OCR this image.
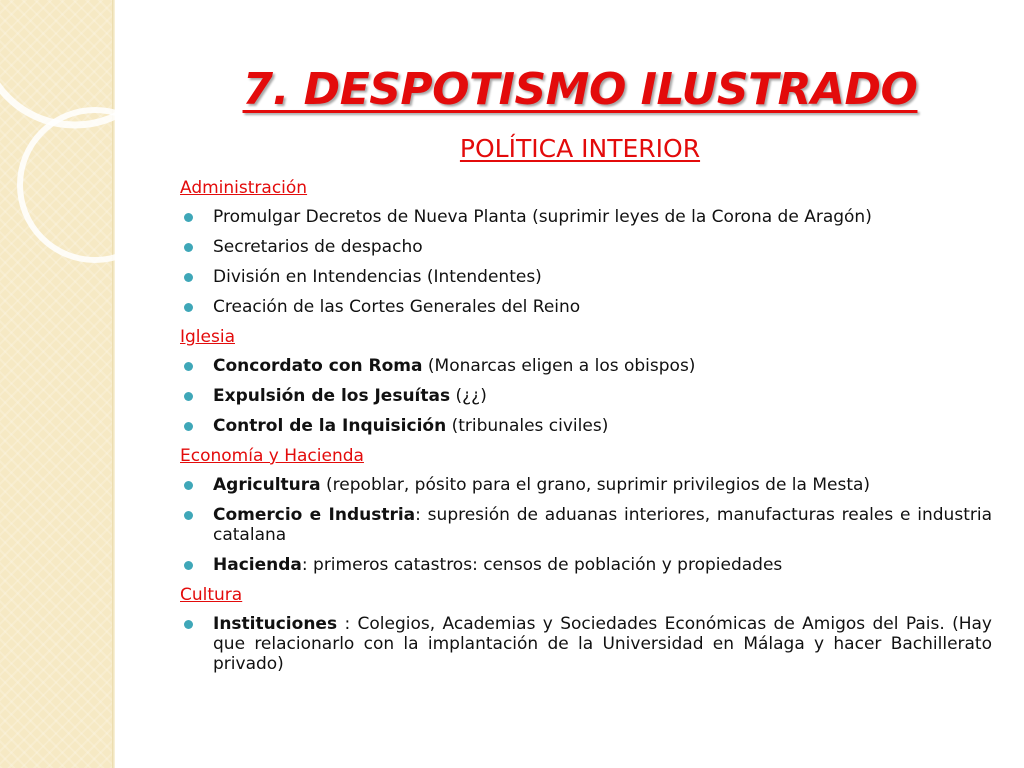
7. DESPOTISMO ILUSTRADO
POLÍTICA INTERIOR
Administración
Promulgar Decretos de Nueva Planta (suprimir leyes de la Corona de Aragón)
Secretarios de despacho
División en Intendencias (Intendentes)
Creación de las Cortes Generales del Reino
Iglesia
Concordato con Roma (Monarcas eligen a los obispos)
Expulsión de los Jesuítas (¿¿)
Control de la Inquisición (tribunales civiles)
Economía y Hacienda
Agricultura (repoblar, pósito para el grano, suprimir privilegios de la Mesta)
Comercio e Industria: supresión de aduanas interiores, manufacturas reales e industria catalana
Hacienda: primeros catastros: censos de población y propiedades
Cultura
Instituciones : Colegios, Academias y Sociedades Económicas de Amigos del Pais. (Hay que relacionarlo con la implantación de la Universidad en Málaga y hacer Bachillerato privado)
